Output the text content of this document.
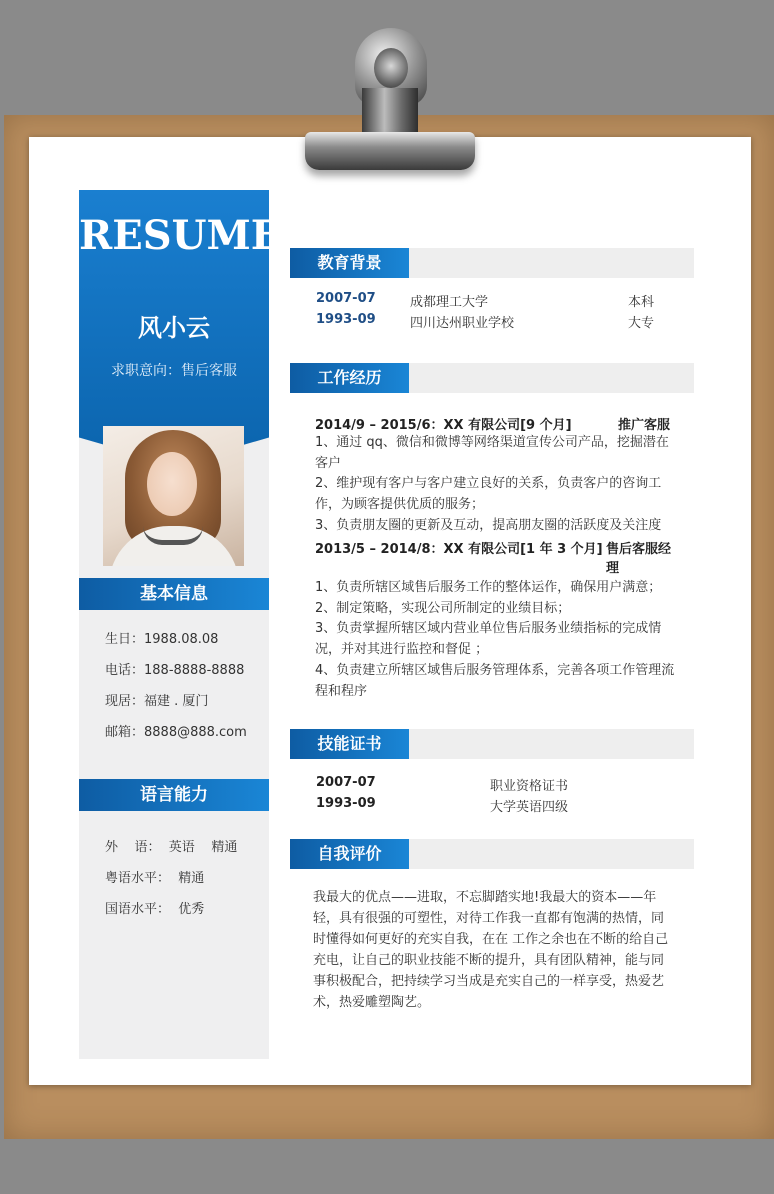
RESUME
风小云
求职意向：售后客服
基本信息
生日：1988.08.08
电话：188-8888-8888
现居：福建 . 厦门
邮箱：8888@888.com
语言能力
外    语：  英语    精通
粤语水平：  精通
国语水平：  优秀
教育背景
2007-07	成都理工大学	本科
1993-09	四川达州职业学校	大专
工作经历
2014/9 – 2015/6：XX 有限公司[9 个月]	推广客服

1、通过 qq、微信和微博等网络渠道宣传公司产品，挖掘潜在客户

2、维护现有客户与客户建立良好的关系，负责客户的咨询工作，为顾客提供优质的服务；

3、负责朋友圈的更新及互动，提高朋友圈的活跃度及关注度

2013/5 – 2014/8：XX 有限公司[1 年 3 个月] 售后客服经理

1、负责所辖区域售后服务工作的整体运作，确保用户满意；

2、制定策略，实现公司所制定的业绩目标；

3、负责掌握所辖区域内营业单位售后服务业绩指标的完成情况，并对其进行监控和督促 ；

4、负责建立所辖区域售后服务管理体系，完善各项工作管理流程和程序

技能证书
2007-07	职业资格证书
1993-09	大学英语四级
自我评价
我最大的优点——进取，不忘脚踏实地!我最大的资本——年轻，具有很强的可塑性，对待工作我一直都有饱满的热情，同时懂得如何更好的充实自我，在在 工作之余也在不断的给自己充电，让自己的职业技能不断的提升，具有团队精神，能与同事积极配合，把持续学习当成是充实自己的一样享受，热爱艺术，热爱雕塑陶艺。
